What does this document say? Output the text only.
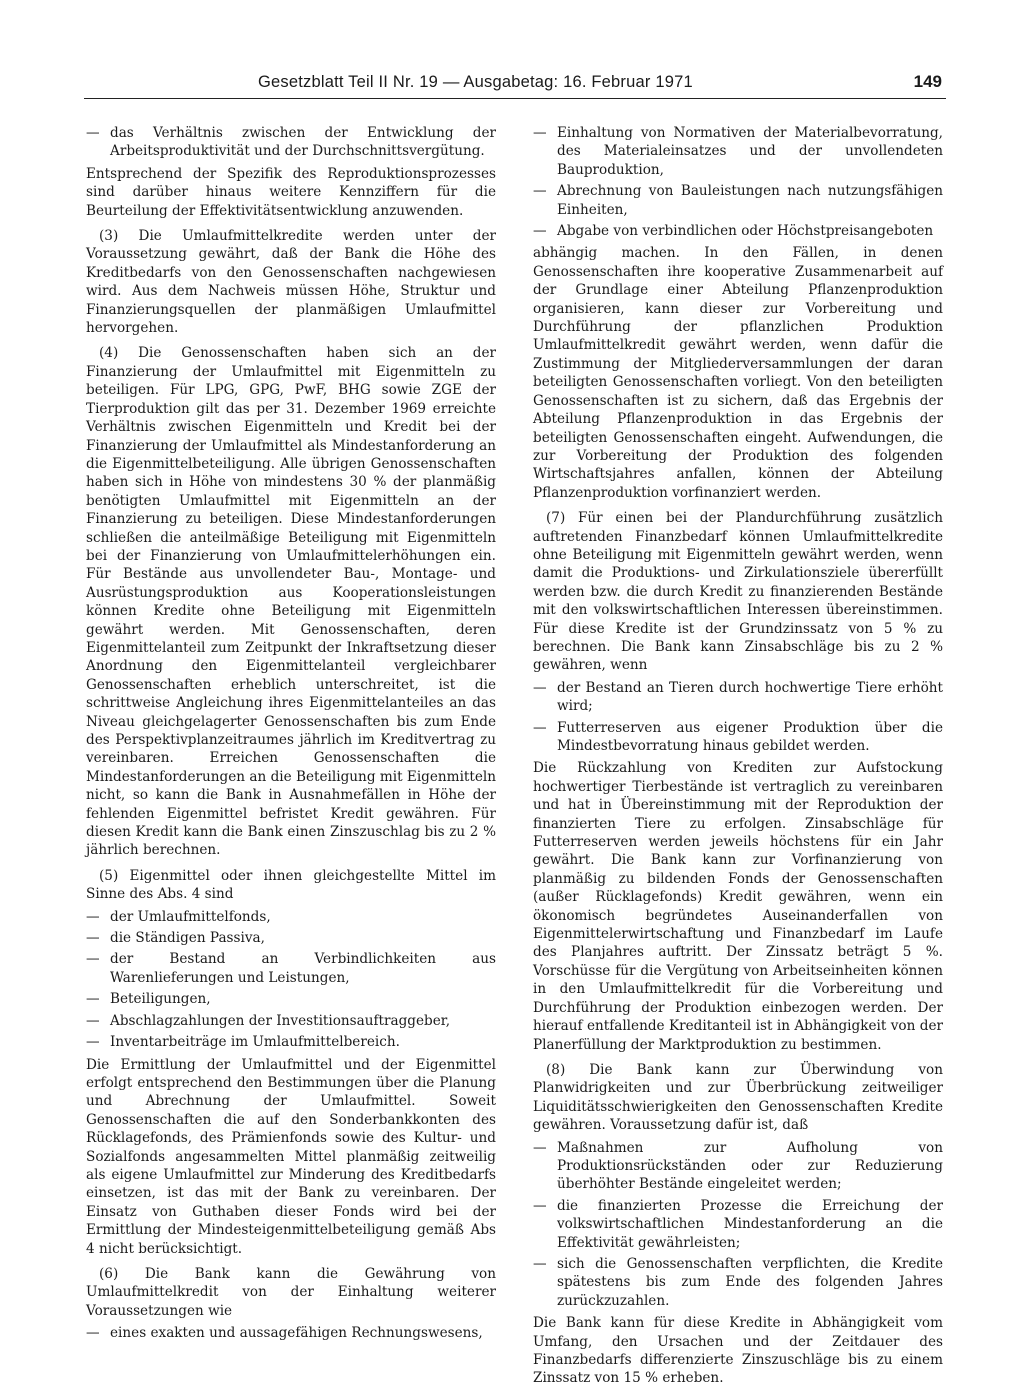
Gesetzblatt Teil II Nr. 19 — Ausgabetag: 16. Februar 1971	149
— das Verhältnis zwischen der Entwicklung der Arbeitsproduktivität und der Durchschnittsvergütung.

Entsprechend der Spezifik des Reproduktionsprozesses sind darüber hinaus weitere Kennziffern für die Beurteilung der Effektivitätsentwicklung anzuwenden.

(3) Die Umlaufmittelkredite werden unter der Voraussetzung gewährt, daß der Bank die Höhe des Kreditbedarfs von den Genossenschaften nachgewiesen wird. Aus dem Nachweis müssen Höhe, Struktur und Finanzierungsquellen der planmäßigen Umlaufmittel hervorgehen.

(4) Die Genossenschaften haben sich an der Finanzierung der Umlaufmittel mit Eigenmitteln zu beteiligen. Für LPG, GPG, PwF, BHG sowie ZGE der Tierproduktion gilt das per 31. Dezember 1969 erreichte Verhältnis zwischen Eigenmitteln und Kredit bei der Finanzierung der Umlaufmittel als Mindestanforderung an die Eigenmittelbeteiligung. Alle übrigen Genossenschaften haben sich in Höhe von mindestens 30 % der planmäßig benötigten Umlaufmittel mit Eigenmitteln an der Finanzierung zu beteiligen. Diese Mindestanforderungen schließen die anteilmäßige Beteiligung mit Eigenmitteln bei der Finanzierung von Umlaufmittelerhöhungen ein. Für Bestände aus unvollendeter Bau-, Montage- und Ausrüstungsproduktion aus Kooperationsleistungen können Kredite ohne Beteiligung mit Eigenmitteln gewährt werden. Mit Genossenschaften, deren Eigenmittelanteil zum Zeitpunkt der Inkraftsetzung dieser Anordnung den Eigenmittelanteil vergleichbarer Genossenschaften erheblich unterschreitet, ist die schrittweise Angleichung ihres Eigenmittelanteiles an das Niveau gleichgelagerter Genossenschaften bis zum Ende des Perspektivplanzeitraumes jährlich im Kreditvertrag zu vereinbaren. Erreichen Genossenschaften die Mindestanforderungen an die Beteiligung mit Eigenmitteln nicht, so kann die Bank in Ausnahmefällen in Höhe der fehlenden Eigenmittel befristet Kredit gewähren. Für diesen Kredit kann die Bank einen Zinszuschlag bis zu 2 % jährlich berechnen.

(5) Eigenmittel oder ihnen gleichgestellte Mittel im Sinne des Abs. 4 sind

— der Umlaufmittelfonds,
— die Ständigen Passiva,
— der Bestand an Verbindlichkeiten aus Warenlieferungen und Leistungen,
— Beteiligungen,
— Abschlagzahlungen der Investitionsauftraggeber,
— Inventarbeiträge im Umlaufmittelbereich.

Die Ermittlung der Umlaufmittel und der Eigenmittel erfolgt entsprechend den Bestimmungen über die Planung und Abrechnung der Umlaufmittel. Soweit Genossenschaften die auf den Sonderbankkonten des Rücklagefonds, des Prämienfonds sowie des Kultur- und Sozialfonds angesammelten Mittel planmäßig zeitweilig als eigene Umlaufmittel zur Minderung des Kreditbedarfs einsetzen, ist das mit der Bank zu vereinbaren. Der Einsatz von Guthaben dieser Fonds wird bei der Ermittlung der Mindesteigenmittelbeteiligung gemäß Abs 4 nicht berücksichtigt.

(6) Die Bank kann die Gewährung von Umlaufmittelkredit von der Einhaltung weiterer Voraussetzungen wie

— eines exakten und aussagefähigen Rechnungswesens,
— Einhaltung von Normativen der Materialbevorratung, des Materialeinsatzes und der unvollendeten Bauproduktion,
— Abrechnung von Bauleistungen nach nutzungsfähigen Einheiten,
— Abgabe von verbindlichen oder Höchstpreisangeboten

abhängig machen. In den Fällen, in denen Genossenschaften ihre kooperative Zusammenarbeit auf der Grundlage einer Abteilung Pflanzenproduktion organisieren, kann dieser zur Vorbereitung und Durchführung der pflanzlichen Produktion Umlaufmittelkredit gewährt werden, wenn dafür die Zustimmung der Mitgliederversammlungen der daran beteiligten Genossenschaften vorliegt. Von den beteiligten Genossenschaften ist zu sichern, daß das Ergebnis der Abteilung Pflanzenproduktion in das Ergebnis der beteiligten Genossenschaften eingeht. Aufwendungen, die zur Vorbereitung der Produktion des folgenden Wirtschaftsjahres anfallen, können der Abteilung Pflanzenproduktion vorfinanziert werden.

(7) Für einen bei der Plandurchführung zusätzlich auftretenden Finanzbedarf können Umlaufmittelkredite ohne Beteiligung mit Eigenmitteln gewährt werden, wenn damit die Produktions- und Zirkulationsziele übererfüllt werden bzw. die durch Kredit zu finanzierenden Bestände mit den volkswirtschaftlichen Interessen übereinstimmen. Für diese Kredite ist der Grundzinssatz von 5 % zu berechnen. Die Bank kann Zinsabschläge bis zu 2 % gewähren, wenn

— der Bestand an Tieren durch hochwertige Tiere erhöht wird;
— Futterreserven aus eigener Produktion über die Mindestbevorratung hinaus gebildet werden.

Die Rückzahlung von Krediten zur Aufstockung hochwertiger Tierbestände ist vertraglich zu vereinbaren und hat in Übereinstimmung mit der Reproduktion der finanzierten Tiere zu erfolgen. Zinsabschläge für Futterreserven werden jeweils höchstens für ein Jahr gewährt. Die Bank kann zur Vorfinanzierung von planmäßig zu bildenden Fonds der Genossenschaften (außer Rücklagefonds) Kredit gewähren, wenn ein ökonomisch begründetes Auseinanderfallen von Eigenmittelerwirtschaftung und Finanzbedarf im Laufe des Planjahres auftritt. Der Zinssatz beträgt 5 %. Vorschüsse für die Vergütung von Arbeitseinheiten können in den Umlaufmittelkredit für die Vorbereitung und Durchführung der Produktion einbezogen werden. Der hierauf entfallende Kreditanteil ist in Abhängigkeit von der Planerfüllung der Marktproduktion zu bestimmen.

(8) Die Bank kann zur Überwindung von Planwidrigkeiten und zur Überbrückung zeitweiliger Liquiditätsschwierigkeiten den Genossenschaften Kredite gewähren. Voraussetzung dafür ist, daß

— Maßnahmen zur Aufholung von Produktionsrückständen oder zur Reduzierung überhöhter Bestände eingeleitet werden;
— die finanzierten Prozesse die Erreichung der volkswirtschaftlichen Mindestanforderung an die Effektivität gewährleisten;
— sich die Genossenschaften verpflichten, die Kredite spätestens bis zum Ende des folgenden Jahres zurückzuzahlen.

Die Bank kann für diese Kredite in Abhängigkeit vom Umfang, den Ursachen und der Zeitdauer des Finanzbedarfs differenzierte Zinszuschläge bis zu einem Zinssatz von 15 % erheben.
